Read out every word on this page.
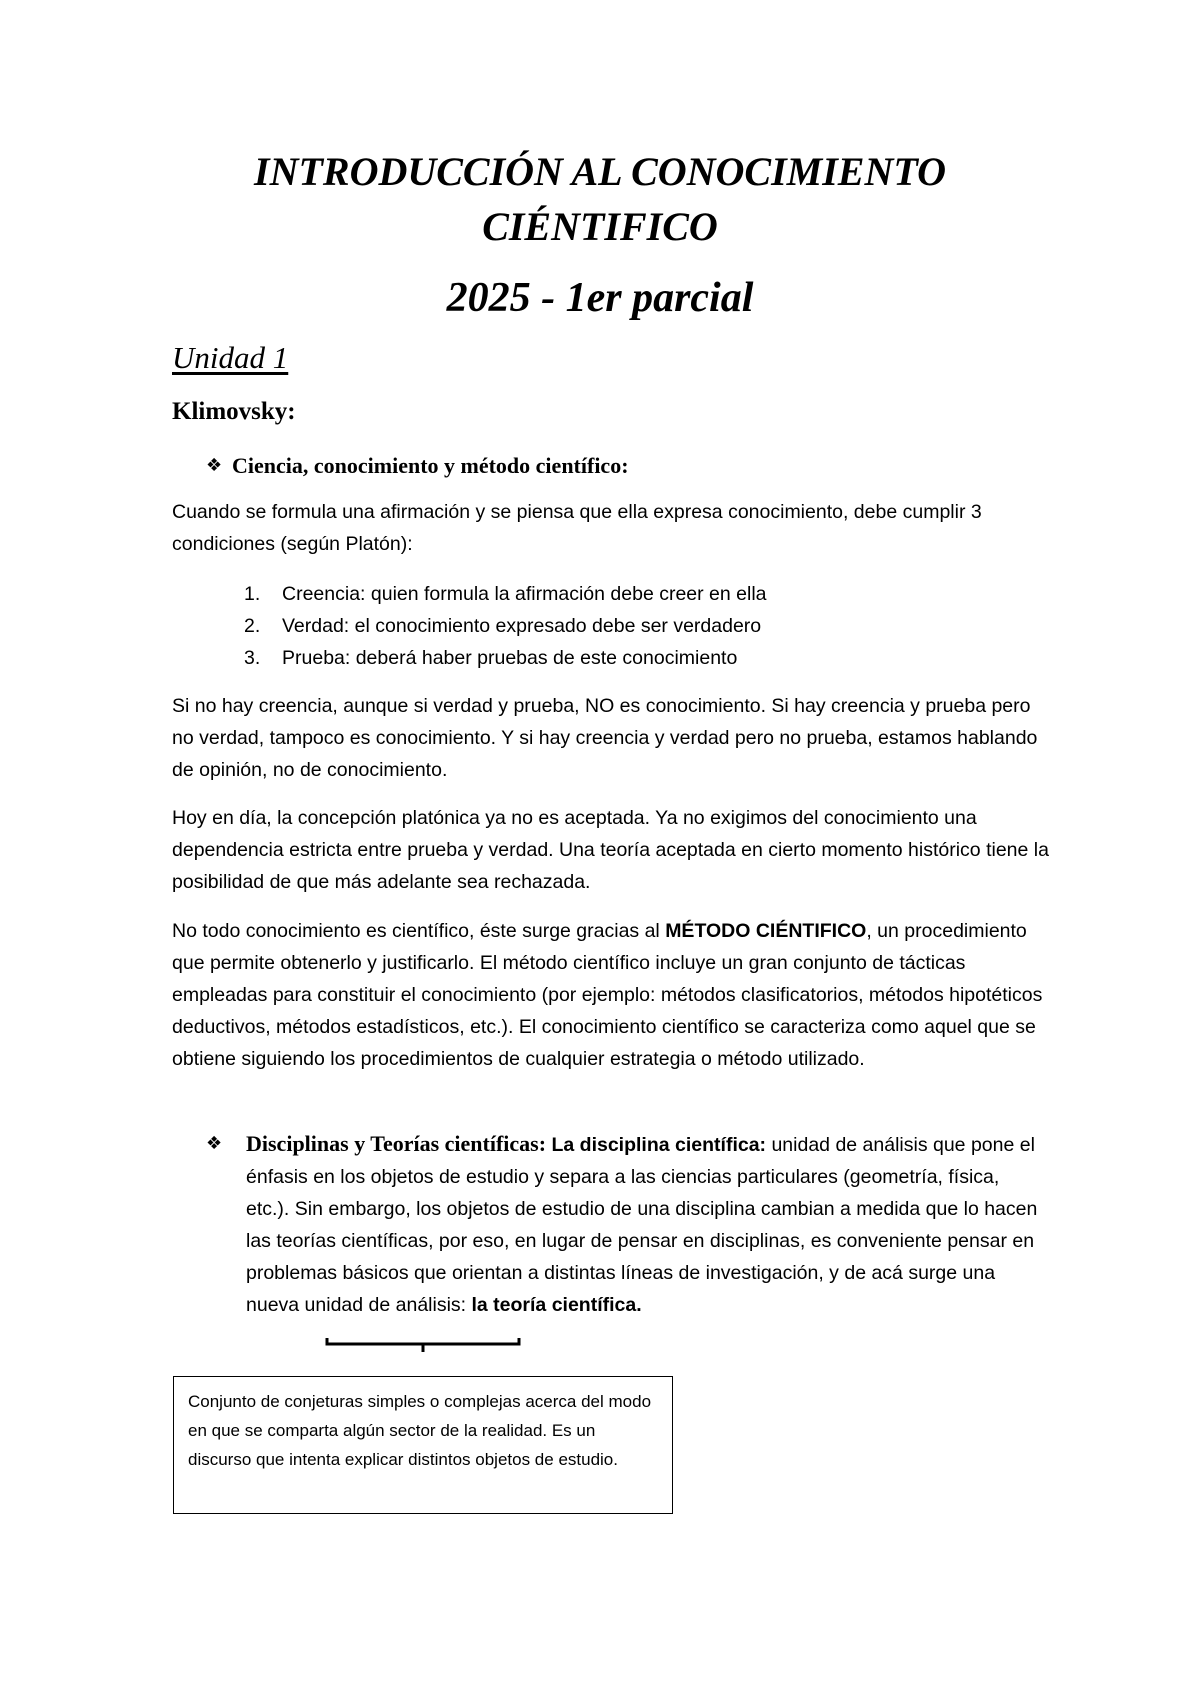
INTRODUCCIÓN AL CONOCIMIENTO
CIÉNTIFICO
2025 - 1er parcial
Unidad 1
Klimovsky:
❖ Ciencia, conocimiento y método científico:

Cuando se formula una afirmación y se piensa que ella expresa conocimiento, debe cumplir 3 condiciones (según Platón):

1.	Creencia: quien formula la afirmación debe creer en ella
2.	Verdad: el conocimiento expresado debe ser verdadero
3.	Prueba: deberá haber pruebas de este conocimiento

Si no hay creencia, aunque si verdad y prueba, NO es conocimiento. Si hay creencia y prueba pero no verdad, tampoco es conocimiento. Y si hay creencia y verdad pero no prueba, estamos hablando de opinión, no de conocimiento.

Hoy en día, la concepción platónica ya no es aceptada. Ya no exigimos del conocimiento una dependencia estricta entre prueba y verdad. Una teoría aceptada en cierto momento histórico tiene la posibilidad de que más adelante sea rechazada.

No todo conocimiento es científico, éste surge gracias al MÉTODO CIÉNTIFICO, un procedimiento que permite obtenerlo y justificarlo. El método científico incluye un gran conjunto de tácticas empleadas para constituir el conocimiento (por ejemplo: métodos clasificatorios, métodos hipotéticos deductivos, métodos estadísticos, etc.). El conocimiento científico se caracteriza como aquel que se obtiene siguiendo los procedimientos de cualquier estrategia o método utilizado.

❖	Disciplinas y Teorías científicas: La disciplina científica: unidad de análisis que pone el énfasis en los objetos de estudio y separa a las ciencias particulares (geometría, física, etc.). Sin embargo, los objetos de estudio de una disciplina cambian a medida que lo hacen las teorías científicas, por eso, en lugar de pensar en disciplinas, es conveniente pensar en problemas básicos que orientan a distintas líneas de investigación, y de acá surge una nueva unidad de análisis: la teoría científica.

Conjunto de conjeturas simples o complejas acerca del modo en que se comparta algún sector de la realidad. Es un discurso que intenta explicar distintos objetos de estudio.
